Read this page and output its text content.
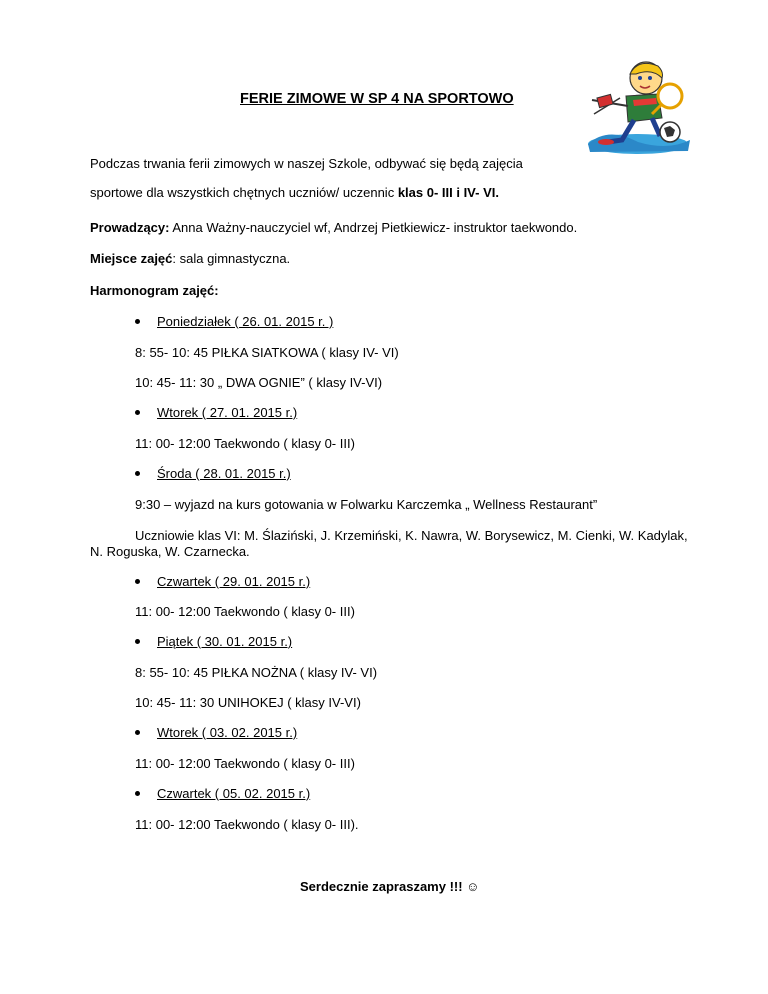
FERIE ZIMOWE W SP 4 NA SPORTOWO
Podczas trwania ferii zimowych w naszej Szkole, odbywać się będą zajęcia
sportowe dla wszystkich chętnych uczniów/ uczennic klas 0- III i IV- VI.
Prowadzący: Anna Ważny-nauczyciel wf, Andrzej Pietkiewicz- instruktor taekwondo.
Miejsce zajęć: sala gimnastyczna.
Harmonogram zajęć:
Poniedziałek ( 26. 01. 2015 r. )
8: 55- 10: 45 PIŁKA SIATKOWA ( klasy IV- VI)
10: 45- 11: 30 „ DWA OGNIE” ( klasy IV-VI)
Wtorek ( 27. 01. 2015 r.)
11: 00- 12:00 Taekwondo ( klasy 0- III)
Środa ( 28. 01. 2015 r.)
9:30 – wyjazd na kurs gotowania w Folwarku Karczemka „ Wellness Restaurant”
Uczniowie klas VI: M. Ślaziński, J. Krzemiński, K. Nawra, W. Borysewicz, M. Cienki, W. Kadylak,
N. Roguska, W. Czarnecka.
Czwartek ( 29. 01. 2015 r.)
11: 00- 12:00 Taekwondo ( klasy 0- III)
Piątek ( 30. 01. 2015 r.)
8: 55- 10: 45 PIŁKA NOŻNA ( klasy IV- VI)
10: 45- 11: 30 UNIHOKEJ ( klasy IV-VI)
Wtorek ( 03. 02. 2015 r.)
11: 00- 12:00 Taekwondo ( klasy 0- III)
Czwartek ( 05. 02. 2015 r.)
11: 00- 12:00 Taekwondo ( klasy 0- III).
Serdecznie zapraszamy !!! ☺
